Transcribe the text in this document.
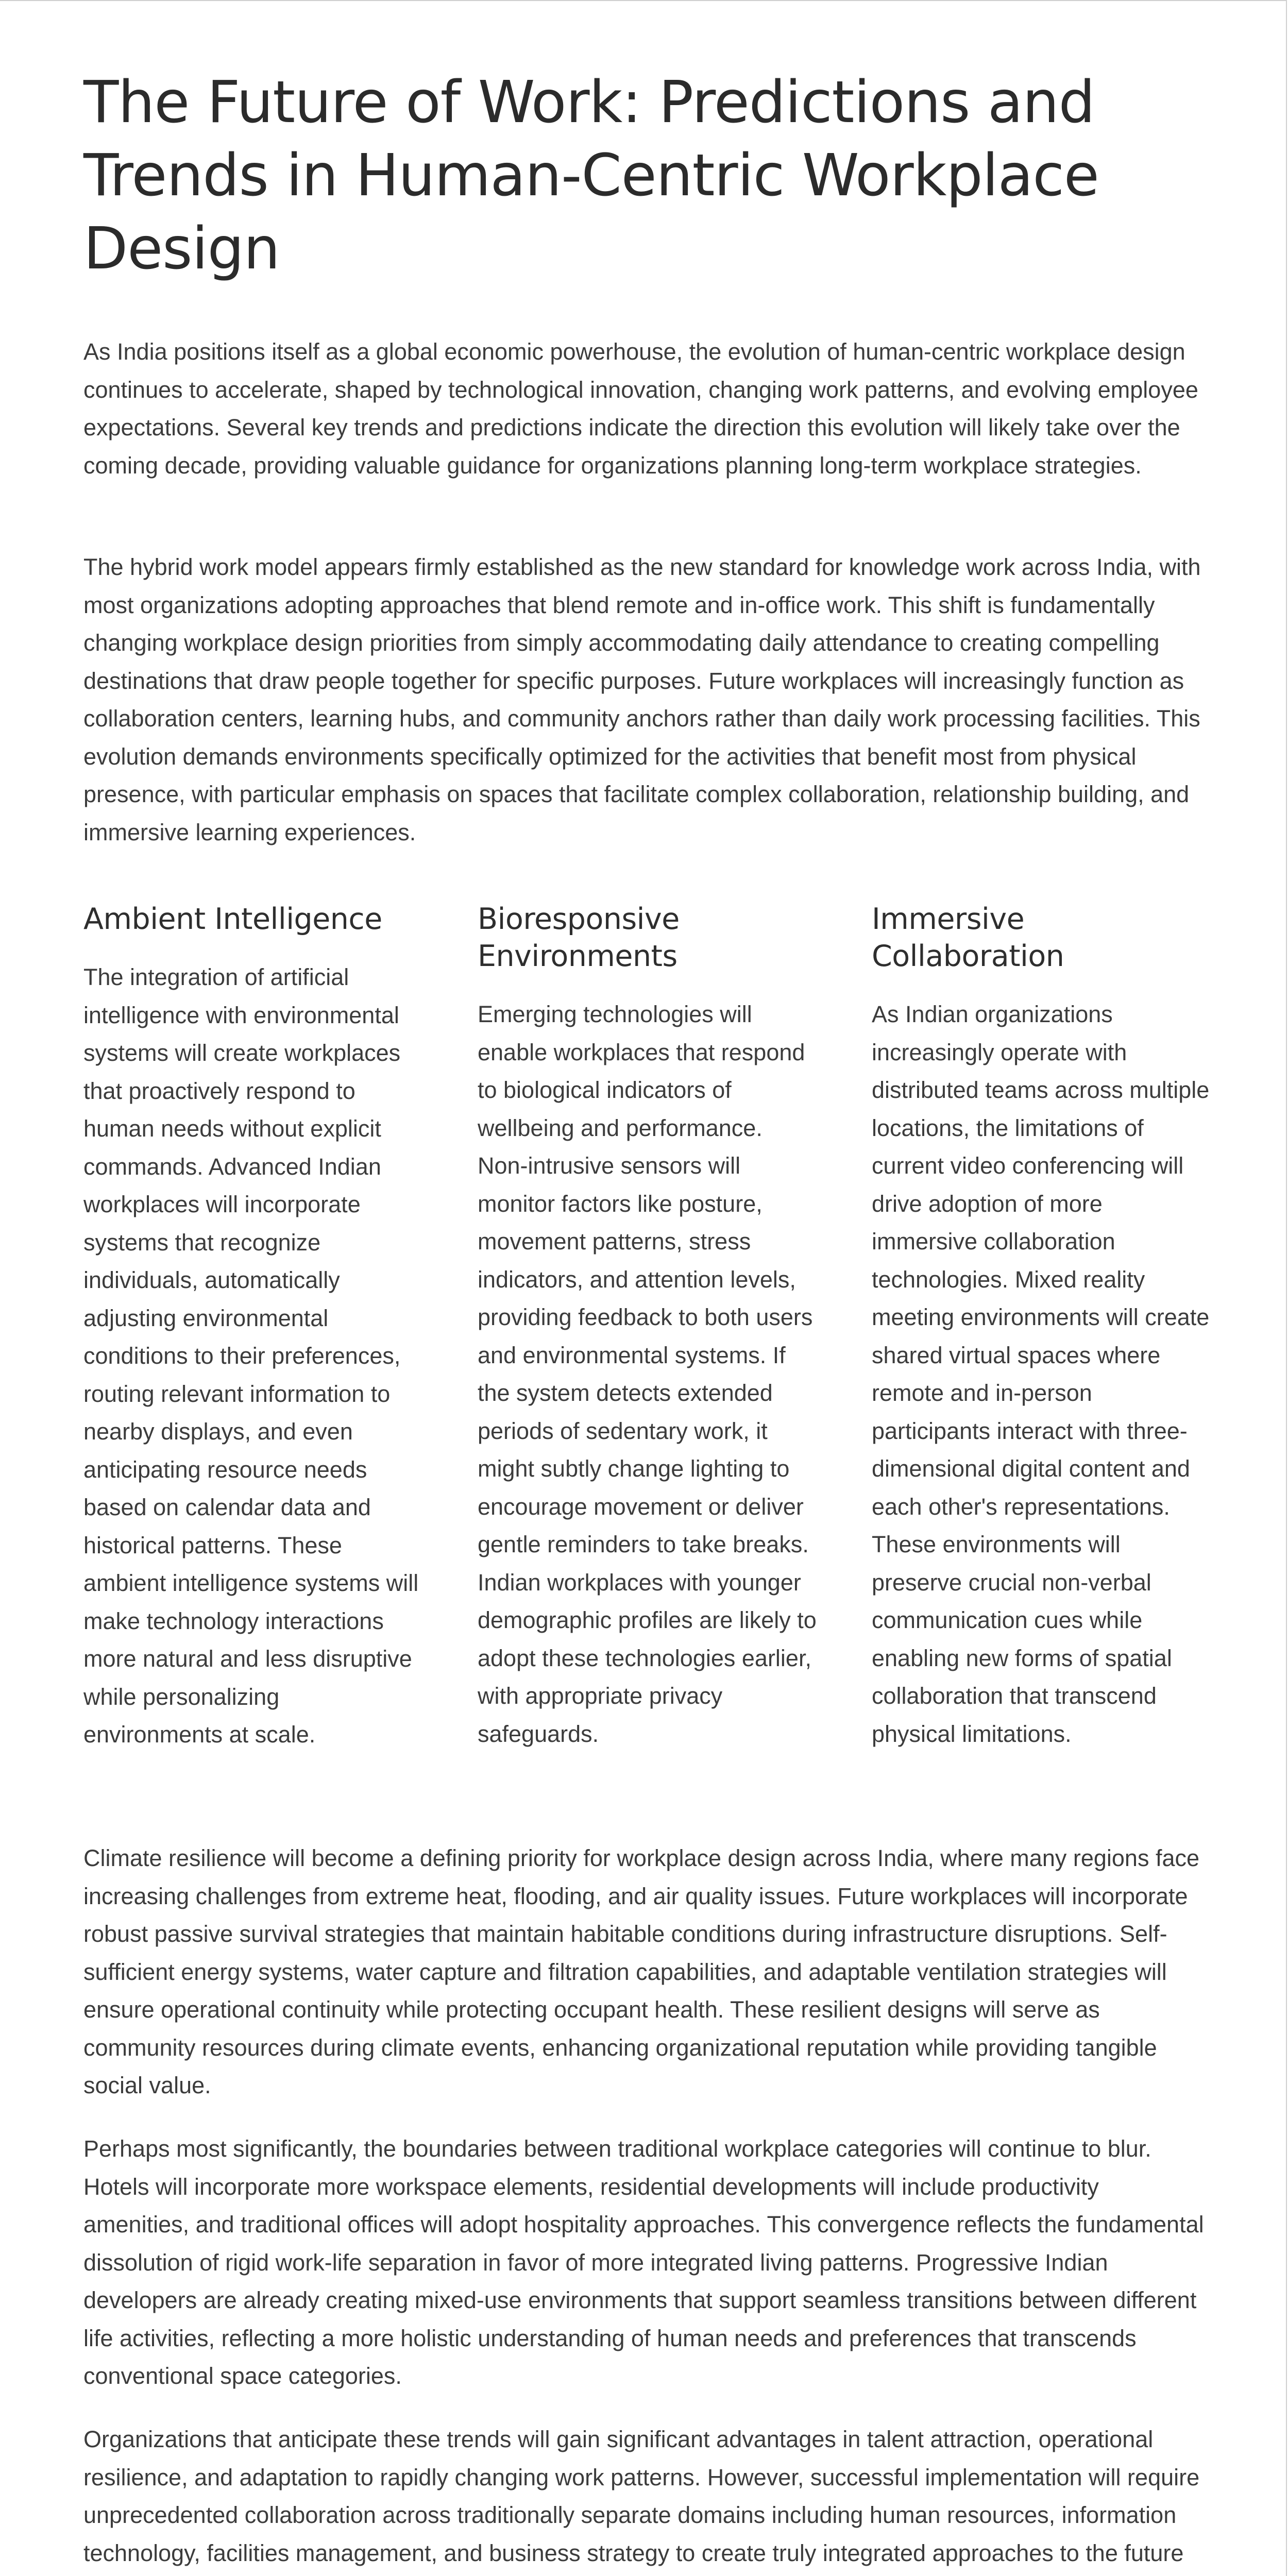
The Future of Work: Predictions and Trends in Human-Centric Workplace Design

As India positions itself as a global economic powerhouse, the evolution of human-centric workplace design continues to accelerate, shaped by technological innovation, changing work patterns, and evolving employee expectations. Several key trends and predictions indicate the direction this evolution will likely take over the coming decade, providing valuable guidance for organizations planning long-term workplace strategies.

The hybrid work model appears firmly established as the new standard for knowledge work across India, with most organizations adopting approaches that blend remote and in-office work. This shift is fundamentally changing workplace design priorities from simply accommodating daily attendance to creating compelling destinations that draw people together for specific purposes. Future workplaces will increasingly function as collaboration centers, learning hubs, and community anchors rather than daily work processing facilities. This evolution demands environments specifically optimized for the activities that benefit most from physical presence, with particular emphasis on spaces that facilitate complex collaboration, relationship building, and immersive learning experiences.

Ambient Intelligence

The integration of artificial intelligence with environmental systems will create workplaces that proactively respond to human needs without explicit commands. Advanced Indian workplaces will incorporate systems that recognize individuals, automatically adjusting environmental conditions to their preferences, routing relevant information to nearby displays, and even anticipating resource needs based on calendar data and historical patterns. These ambient intelligence systems will make technology interactions more natural and less disruptive while personalizing environments at scale.

Bioresponsive Environments

Emerging technologies will enable workplaces that respond to biological indicators of wellbeing and performance. Non-intrusive sensors will monitor factors like posture, movement patterns, stress indicators, and attention levels, providing feedback to both users and environmental systems. If the system detects extended periods of sedentary work, it might subtly change lighting to encourage movement or deliver gentle reminders to take breaks. Indian workplaces with younger demographic profiles are likely to adopt these technologies earlier, with appropriate privacy safeguards.

Immersive Collaboration

As Indian organizations increasingly operate with distributed teams across multiple locations, the limitations of current video conferencing will drive adoption of more immersive collaboration technologies. Mixed reality meeting environments will create shared virtual spaces where remote and in-person participants interact with three-dimensional digital content and each other's representations. These environments will preserve crucial non-verbal communication cues while enabling new forms of spatial collaboration that transcend physical limitations.

Climate resilience will become a defining priority for workplace design across India, where many regions face increasing challenges from extreme heat, flooding, and air quality issues. Future workplaces will incorporate robust passive survival strategies that maintain habitable conditions during infrastructure disruptions. Self-sufficient energy systems, water capture and filtration capabilities, and adaptable ventilation strategies will ensure operational continuity while protecting occupant health. These resilient designs will serve as community resources during climate events, enhancing organizational reputation while providing tangible social value.

Perhaps most significantly, the boundaries between traditional workplace categories will continue to blur. Hotels will incorporate more workspace elements, residential developments will include productivity amenities, and traditional offices will adopt hospitality approaches. This convergence reflects the fundamental dissolution of rigid work-life separation in favor of more integrated living patterns. Progressive Indian developers are already creating mixed-use environments that support seamless transitions between different life activities, reflecting a more holistic understanding of human needs and preferences that transcends conventional space categories.

Organizations that anticipate these trends will gain significant advantages in talent attraction, operational resilience, and adaptation to rapidly changing work patterns. However, successful implementation will require unprecedented collaboration across traditionally separate domains including human resources, information technology, facilities management, and business strategy to create truly integrated approaches to the future
